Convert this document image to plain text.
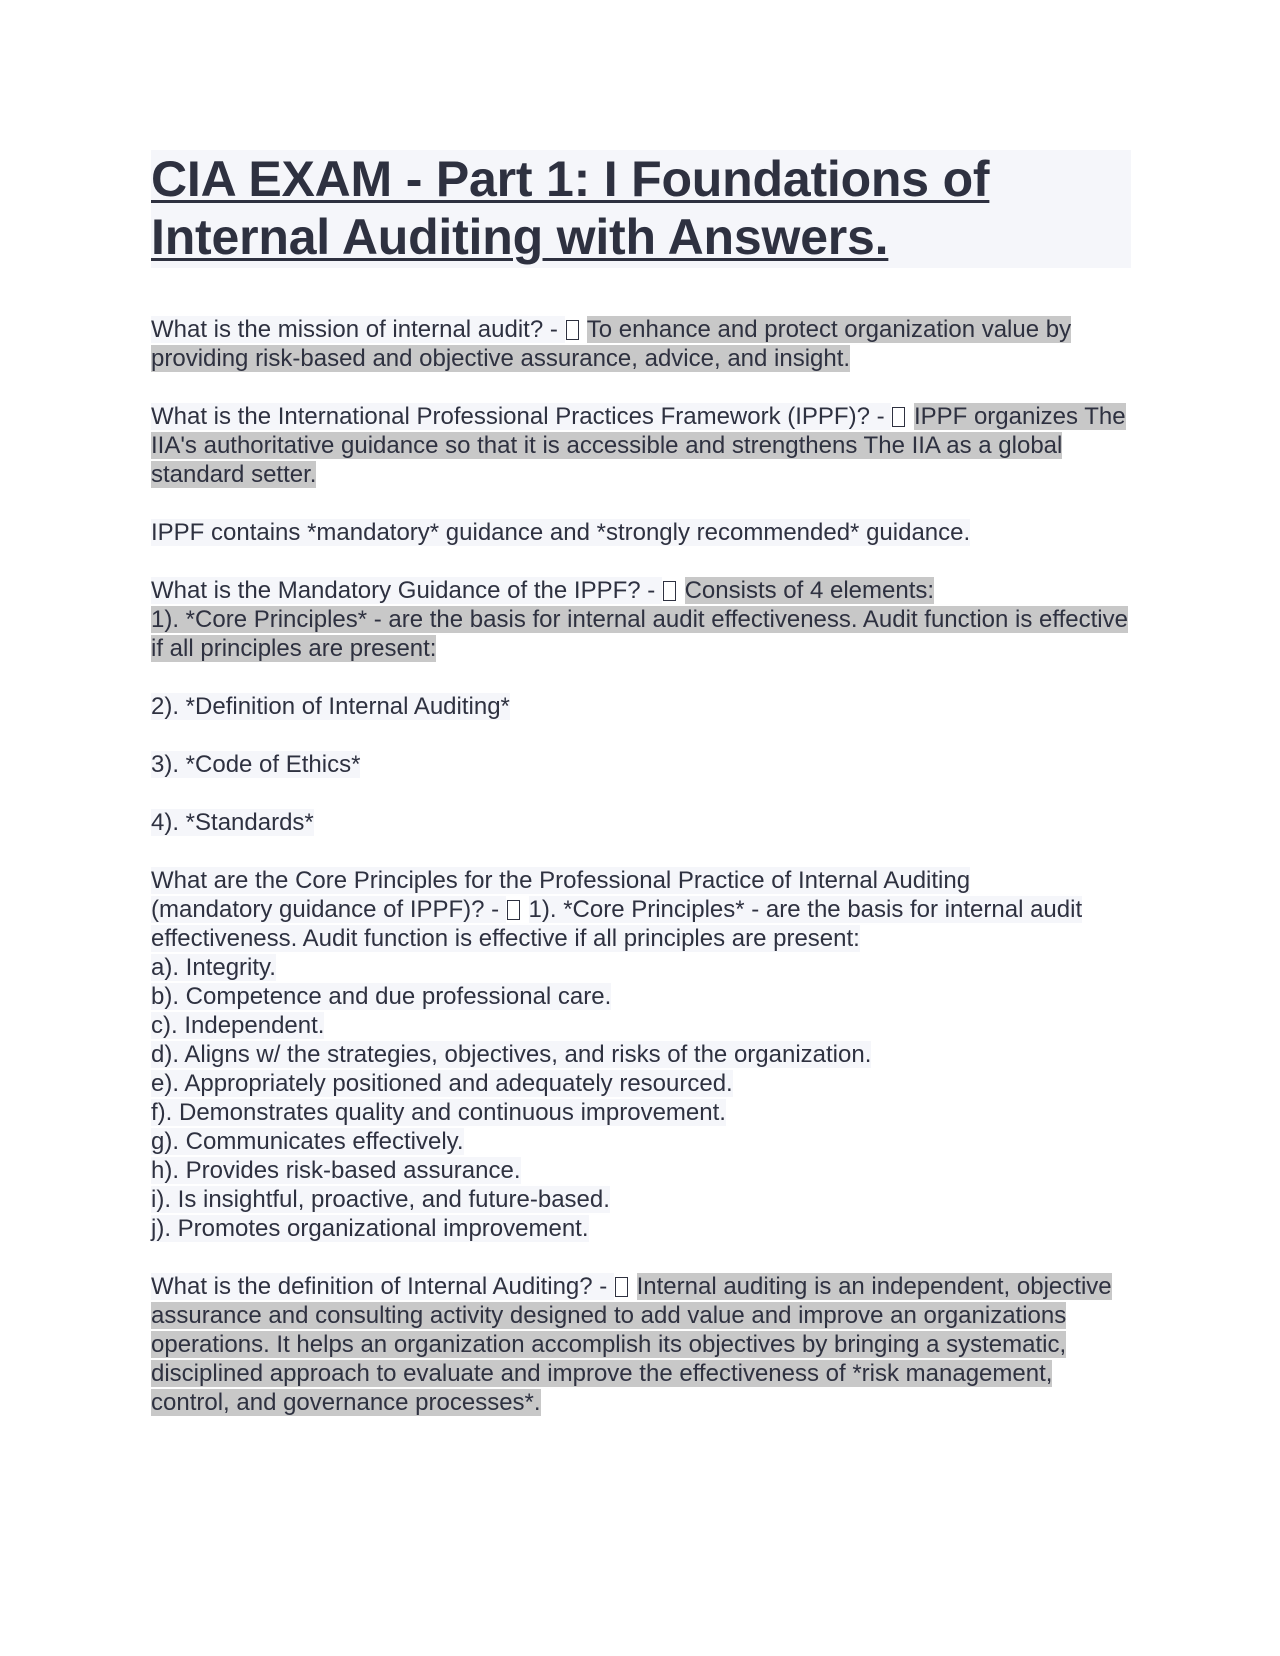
CIA EXAM - Part 1: I Foundations of Internal Auditing with Answers.

What is the mission of internal audit? -  To enhance and protect organization value by providing risk-based and objective assurance, advice, and insight.

What is the International Professional Practices Framework (IPPF)? -  IPPF organizes The IIA's authoritative guidance so that it is accessible and strengthens The IIA as a global standard setter.

IPPF contains *mandatory* guidance and *strongly recommended* guidance.

What is the Mandatory Guidance of the IPPF? -  Consists of 4 elements:
1). *Core Principles* - are the basis for internal audit effectiveness. Audit function is effective if all principles are present:

2). *Definition of Internal Auditing*

3). *Code of Ethics*

4). *Standards*

What are the Core Principles for the Professional Practice of Internal Auditing
(mandatory guidance of IPPF)? -  1). *Core Principles* - are the basis for internal audit effectiveness. Audit function is effective if all principles are present:
a). Integrity.
b). Competence and due professional care.
c). Independent.
d). Aligns w/ the strategies, objectives, and risks of the organization.
e). Appropriately positioned and adequately resourced.
f). Demonstrates quality and continuous improvement.
g). Communicates effectively.
h). Provides risk-based assurance.
i). Is insightful, proactive, and future-based.
j). Promotes organizational improvement.

What is the definition of Internal Auditing? -  Internal auditing is an independent, objective assurance and consulting activity designed to add value and improve an organizations operations. It helps an organization accomplish its objectives by bringing a systematic, disciplined approach to evaluate and improve the effectiveness of *risk management, control, and governance processes*.
